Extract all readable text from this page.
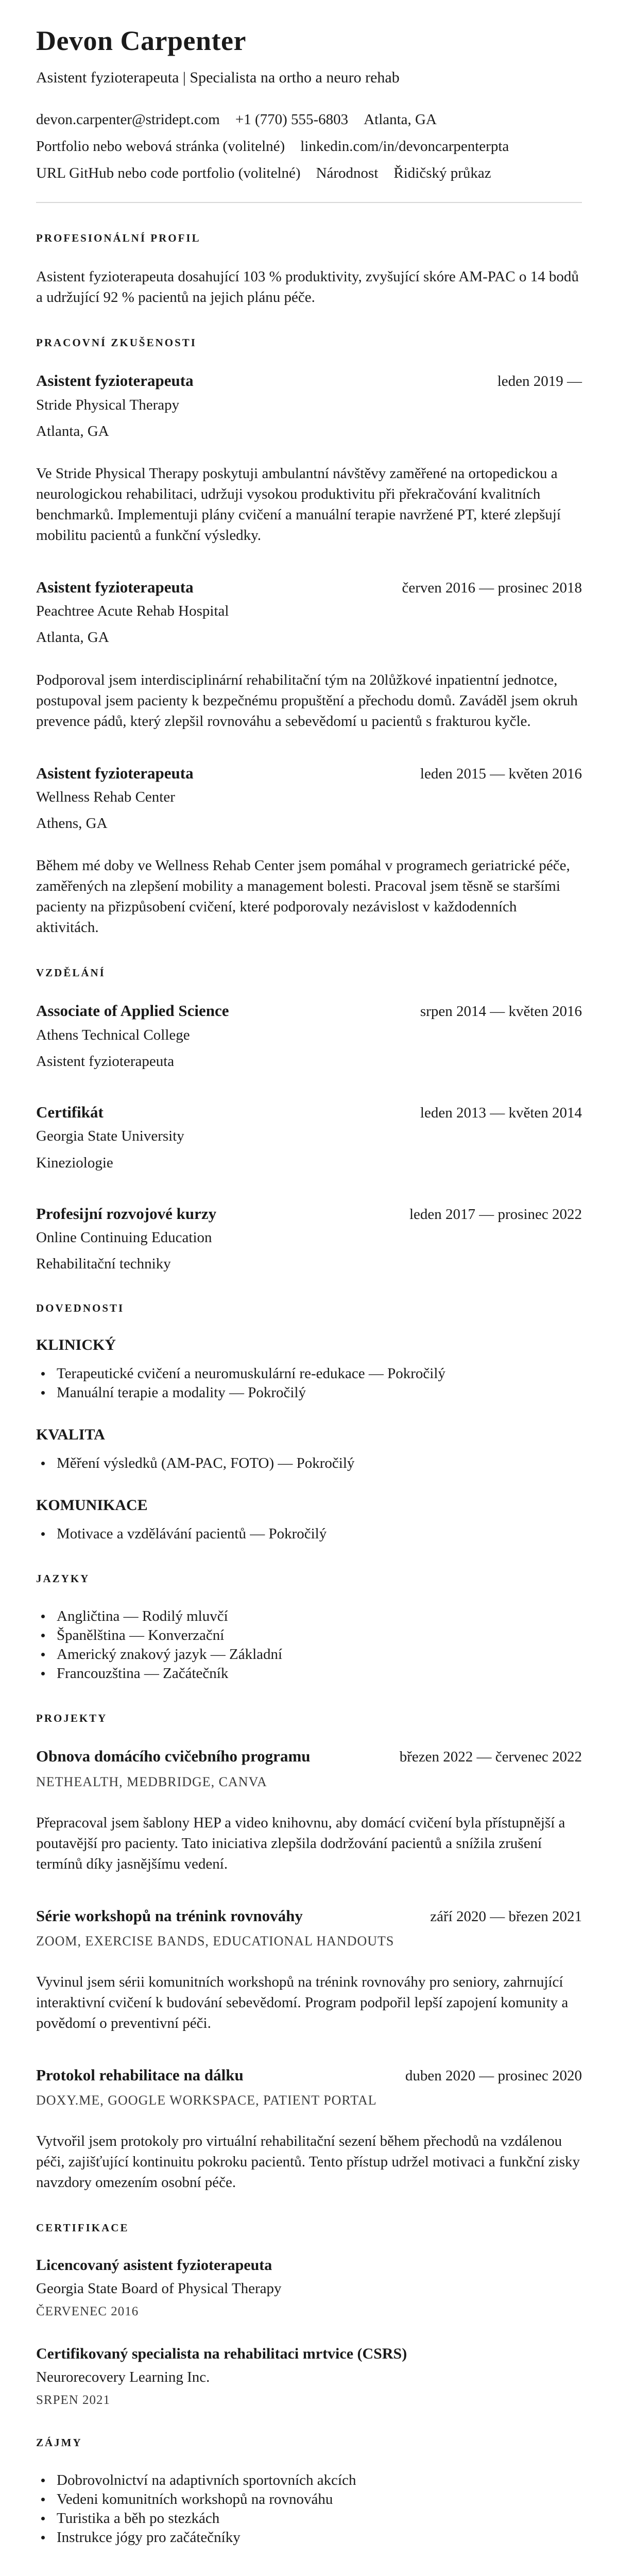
Devon Carpenter

Asistent fyzioterapeuta | Specialista na ortho a neuro rehab

devon.carpenter@stridept.com +1 (770) 555-6803 Atlanta, GA
Portfolio nebo webová stránka (volitelné) linkedin.com/in/devoncarpenterpta
URL GitHub nebo code portfolio (volitelné) Národnost Řidičský průkaz
PROFESIONÁLNÍ PROFIL

Asistent fyzioterapeuta dosahující 103 % produktivity, zvyšující skóre AM-PAC o 14 bodů a udržující 92 % pacientů na jejich plánu péče.

PRACOVNÍ ZKUŠENOSTI
Asistent fyzioterapeuta	leden 2019 —
Stride Physical Therapy
Atlanta, GA

Ve Stride Physical Therapy poskytuji ambulantní návštěvy zaměřené na ortopedickou a neurologickou rehabilitaci, udržuji vysokou produktivitu při překračování kvalitních benchmarků. Implementuji plány cvičení a manuální terapie navržené PT, které zlepšují mobilitu pacientů a funkční výsledky.

Asistent fyzioterapeuta	červen 2016 — prosinec 2018
Peachtree Acute Rehab Hospital
Atlanta, GA

Podporoval jsem interdisciplinární rehabilitační tým na 20lůžkové inpatientní jednotce, postupoval jsem pacienty k bezpečnému propuštění a přechodu domů. Zaváděl jsem okruh prevence pádů, který zlepšil rovnováhu a sebevědomí u pacientů s frakturou kyčle.

Asistent fyzioterapeuta	leden 2015 — květen 2016
Wellness Rehab Center
Athens, GA

Během mé doby ve Wellness Rehab Center jsem pomáhal v programech geriatrické péče, zaměřených na zlepšení mobility a management bolesti. Pracoval jsem těsně se staršími pacienty na přizpůsobení cvičení, které podporovaly nezávislost v každodenních aktivitách.

VZDĚLÁNÍ
Associate of Applied Science	srpen 2014 — květen 2016
Athens Technical College
Asistent fyzioterapeuta
Certifikát	leden 2013 — květen 2014
Georgia State University
Kineziologie
Profesijní rozvojové kurzy	leden 2017 — prosinec 2022
Online Continuing Education
Rehabilitační techniky
DOVEDNOSTI
KLINICKÝ
Terapeutické cvičení a neuromuskulární re-edukace — Pokročilý
Manuální terapie a modality — Pokročilý
KVALITA
Měření výsledků (AM-PAC, FOTO) — Pokročilý
KOMUNIKACE
Motivace a vzdělávání pacientů — Pokročilý
JAZYKY
Angličtina — Rodilý mluvčí
Španělština — Konverzační
Americký znakový jazyk — Základní
Francouzština — Začátečník
PROJEKTY
Obnova domácího cvičebního programu	březen 2022 — červenec 2022
NETHEALTH, MEDBRIDGE, CANVA

Přepracoval jsem šablony HEP a video knihovnu, aby domácí cvičení byla přístupnější a poutavější pro pacienty. Tato iniciativa zlepšila dodržování pacientů a snížila zrušení termínů díky jasnějšímu vedení.

Série workshopů na trénink rovnováhy	září 2020 — březen 2021
ZOOM, EXERCISE BANDS, EDUCATIONAL HANDOUTS

Vyvinul jsem sérii komunitních workshopů na trénink rovnováhy pro seniory, zahrnující interaktivní cvičení k budování sebevědomí. Program podpořil lepší zapojení komunity a povědomí o preventivní péči.

Protokol rehabilitace na dálku	duben 2020 — prosinec 2020
DOXY.ME, GOOGLE WORKSPACE, PATIENT PORTAL

Vytvořil jsem protokoly pro virtuální rehabilitační sezení během přechodů na vzdálenou péči, zajišťující kontinuitu pokroku pacientů. Tento přístup udržel motivaci a funkční zisky navzdory omezením osobní péče.

CERTIFIKACE
Licencovaný asistent fyzioterapeuta
Georgia State Board of Physical Therapy
ČERVENEC 2016
Certifikovaný specialista na rehabilitaci mrtvice (CSRS)
Neurorecovery Learning Inc.
SRPEN 2021
ZÁJMY
Dobrovolnictví na adaptivních sportovních akcích
Vedeni komunitních workshopů na rovnováhu
Turistika a běh po stezkách
Instrukce jógy pro začátečníky
